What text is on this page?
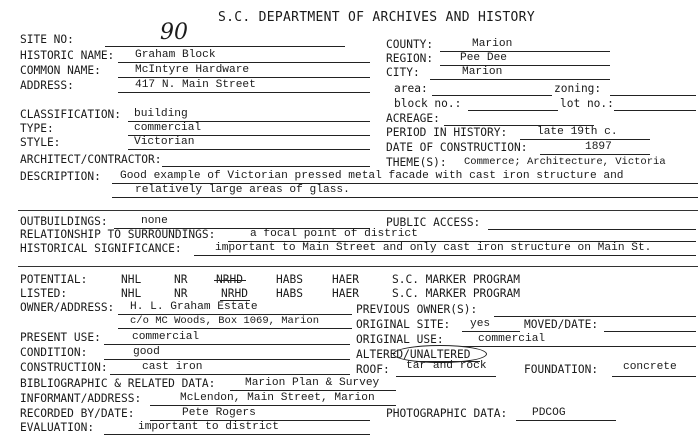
S.C. DEPARTMENT OF ARCHIVES AND HISTORY
SITE NO:	90
HISTORIC NAME: Graham Block
COMMON NAME:	McIntyre Hardware
ADDRESS:	417 N. Main Street
CLASSIFICATION: building
TYPE:	commercial
STYLE:	Victorian
ARCHITECT/CONTRACTOR:
DESCRIPTION: Good example of Victorian pressed metal facade with cast iron structure and
relatively large areas of glass.
COUNTY:	Marion
REGION: Pee Dee
CITY:	Marion
area:	zoning:
block no.:	lot no.:
ACREAGE:
PERIOD IN HISTORY:	late 19th c.
DATE OF CONSTRUCTION:	1897
THEME(S): Commerce; Architecture, Victoria
OUTBUILDINGS:	none	PUBLIC ACCESS:
RELATIONSHIP TO SURROUNDINGS:	a focal point of district
HISTORICAL SIGNIFICANCE:	important to Main Street and only cast iron structure on Main St.
POTENTIAL:	NHL	NR	NRHD	HABS	HAER	S.C. MARKER PROGRAM
LISTED:	NHL	NR	NRHD	HABS	HAER	S.C. MARKER PROGRAM
OWNER/ADDRESS: H. L. Graham Estate
c/o MC Woods, Box 1069, Marion
PREVIOUS OWNER(S):
ORIGINAL SITE: yes	MOVED/DATE:
PRESENT USE:	commercial	ORIGINAL USE:	commercial
CONDITION:	good	ALTERED/UNALTERED
CONSTRUCTION:	cast iron	ROOF: tar and rock	FOUNDATION: concrete
BIBLIOGRAPHIC & RELATED DATA:	Marion Plan & Survey
INFORMANT/ADDRESS:	McLendon, Main Street, Marion
RECORDED BY/DATE:	Pete Rogers	PHOTOGRAPHIC DATA: PDCOG
EVALUATION:	important to district
